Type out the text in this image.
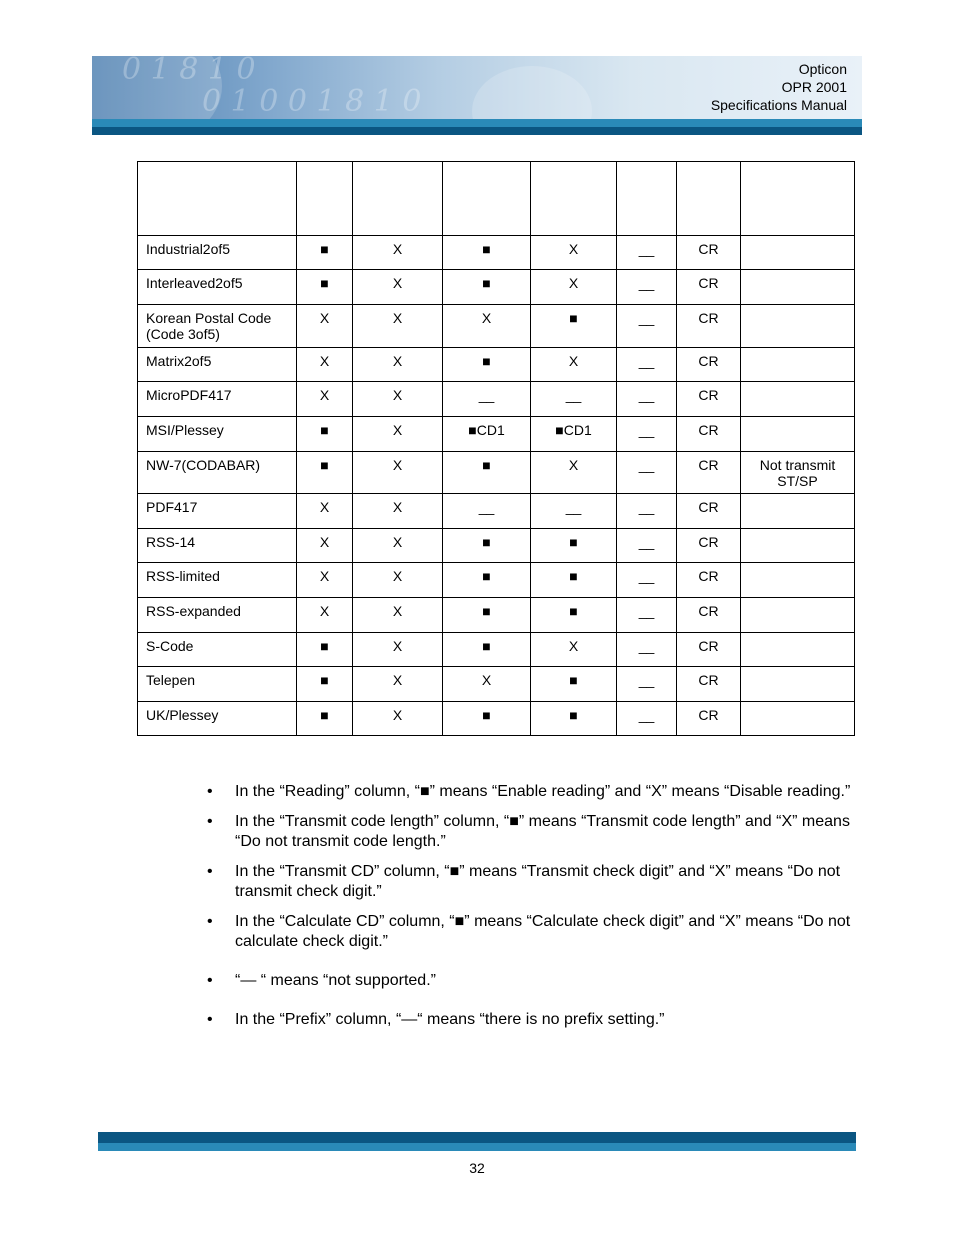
0 1 8 1 0
0 1 0 0 1 8 1 0
Opticon
OPR 2001
Specifications Manual

Industrial2of5	■	X	■	X	__	CR	
Interleaved2of5	■	X	■	X	__	CR	
Korean Postal Code (Code 3of5)	X	X	X	■	__	CR	
Matrix2of5	X	X	■	X	__	CR	
MicroPDF417	X	X	__	__	__	CR	
MSI/Plessey	■	X	■CD1	■CD1	__	CR	
NW-7(CODABAR)	■	X	■	X	__	CR	Not transmit ST/SP
PDF417	X	X	__	__	__	CR	
RSS-14	X	X	■	■	__	CR	
RSS-limited	X	X	■	■	__	CR	
RSS-expanded	X	X	■	■	__	CR	
S-Code	■	X	■	X	__	CR	
Telepen	■	X	X	■	__	CR	
UK/Plessey	■	X	■	■	__	CR	
• In the “Reading” column, “■” means “Enable reading” and “X” means “Disable reading.”
• In the “Transmit code length” column, “■” means “Transmit code length” and “X” means “Do not transmit code length.”
• In the “Transmit CD” column, “■” means “Transmit check digit” and “X” means “Do not transmit check digit.”
• In the “Calculate CD” column, “■” means “Calculate check digit” and “X” means “Do not calculate check digit.”
• “— “ means “not supported.”
• In the “Prefix” column, “—“ means “there is no prefix setting.”
32
